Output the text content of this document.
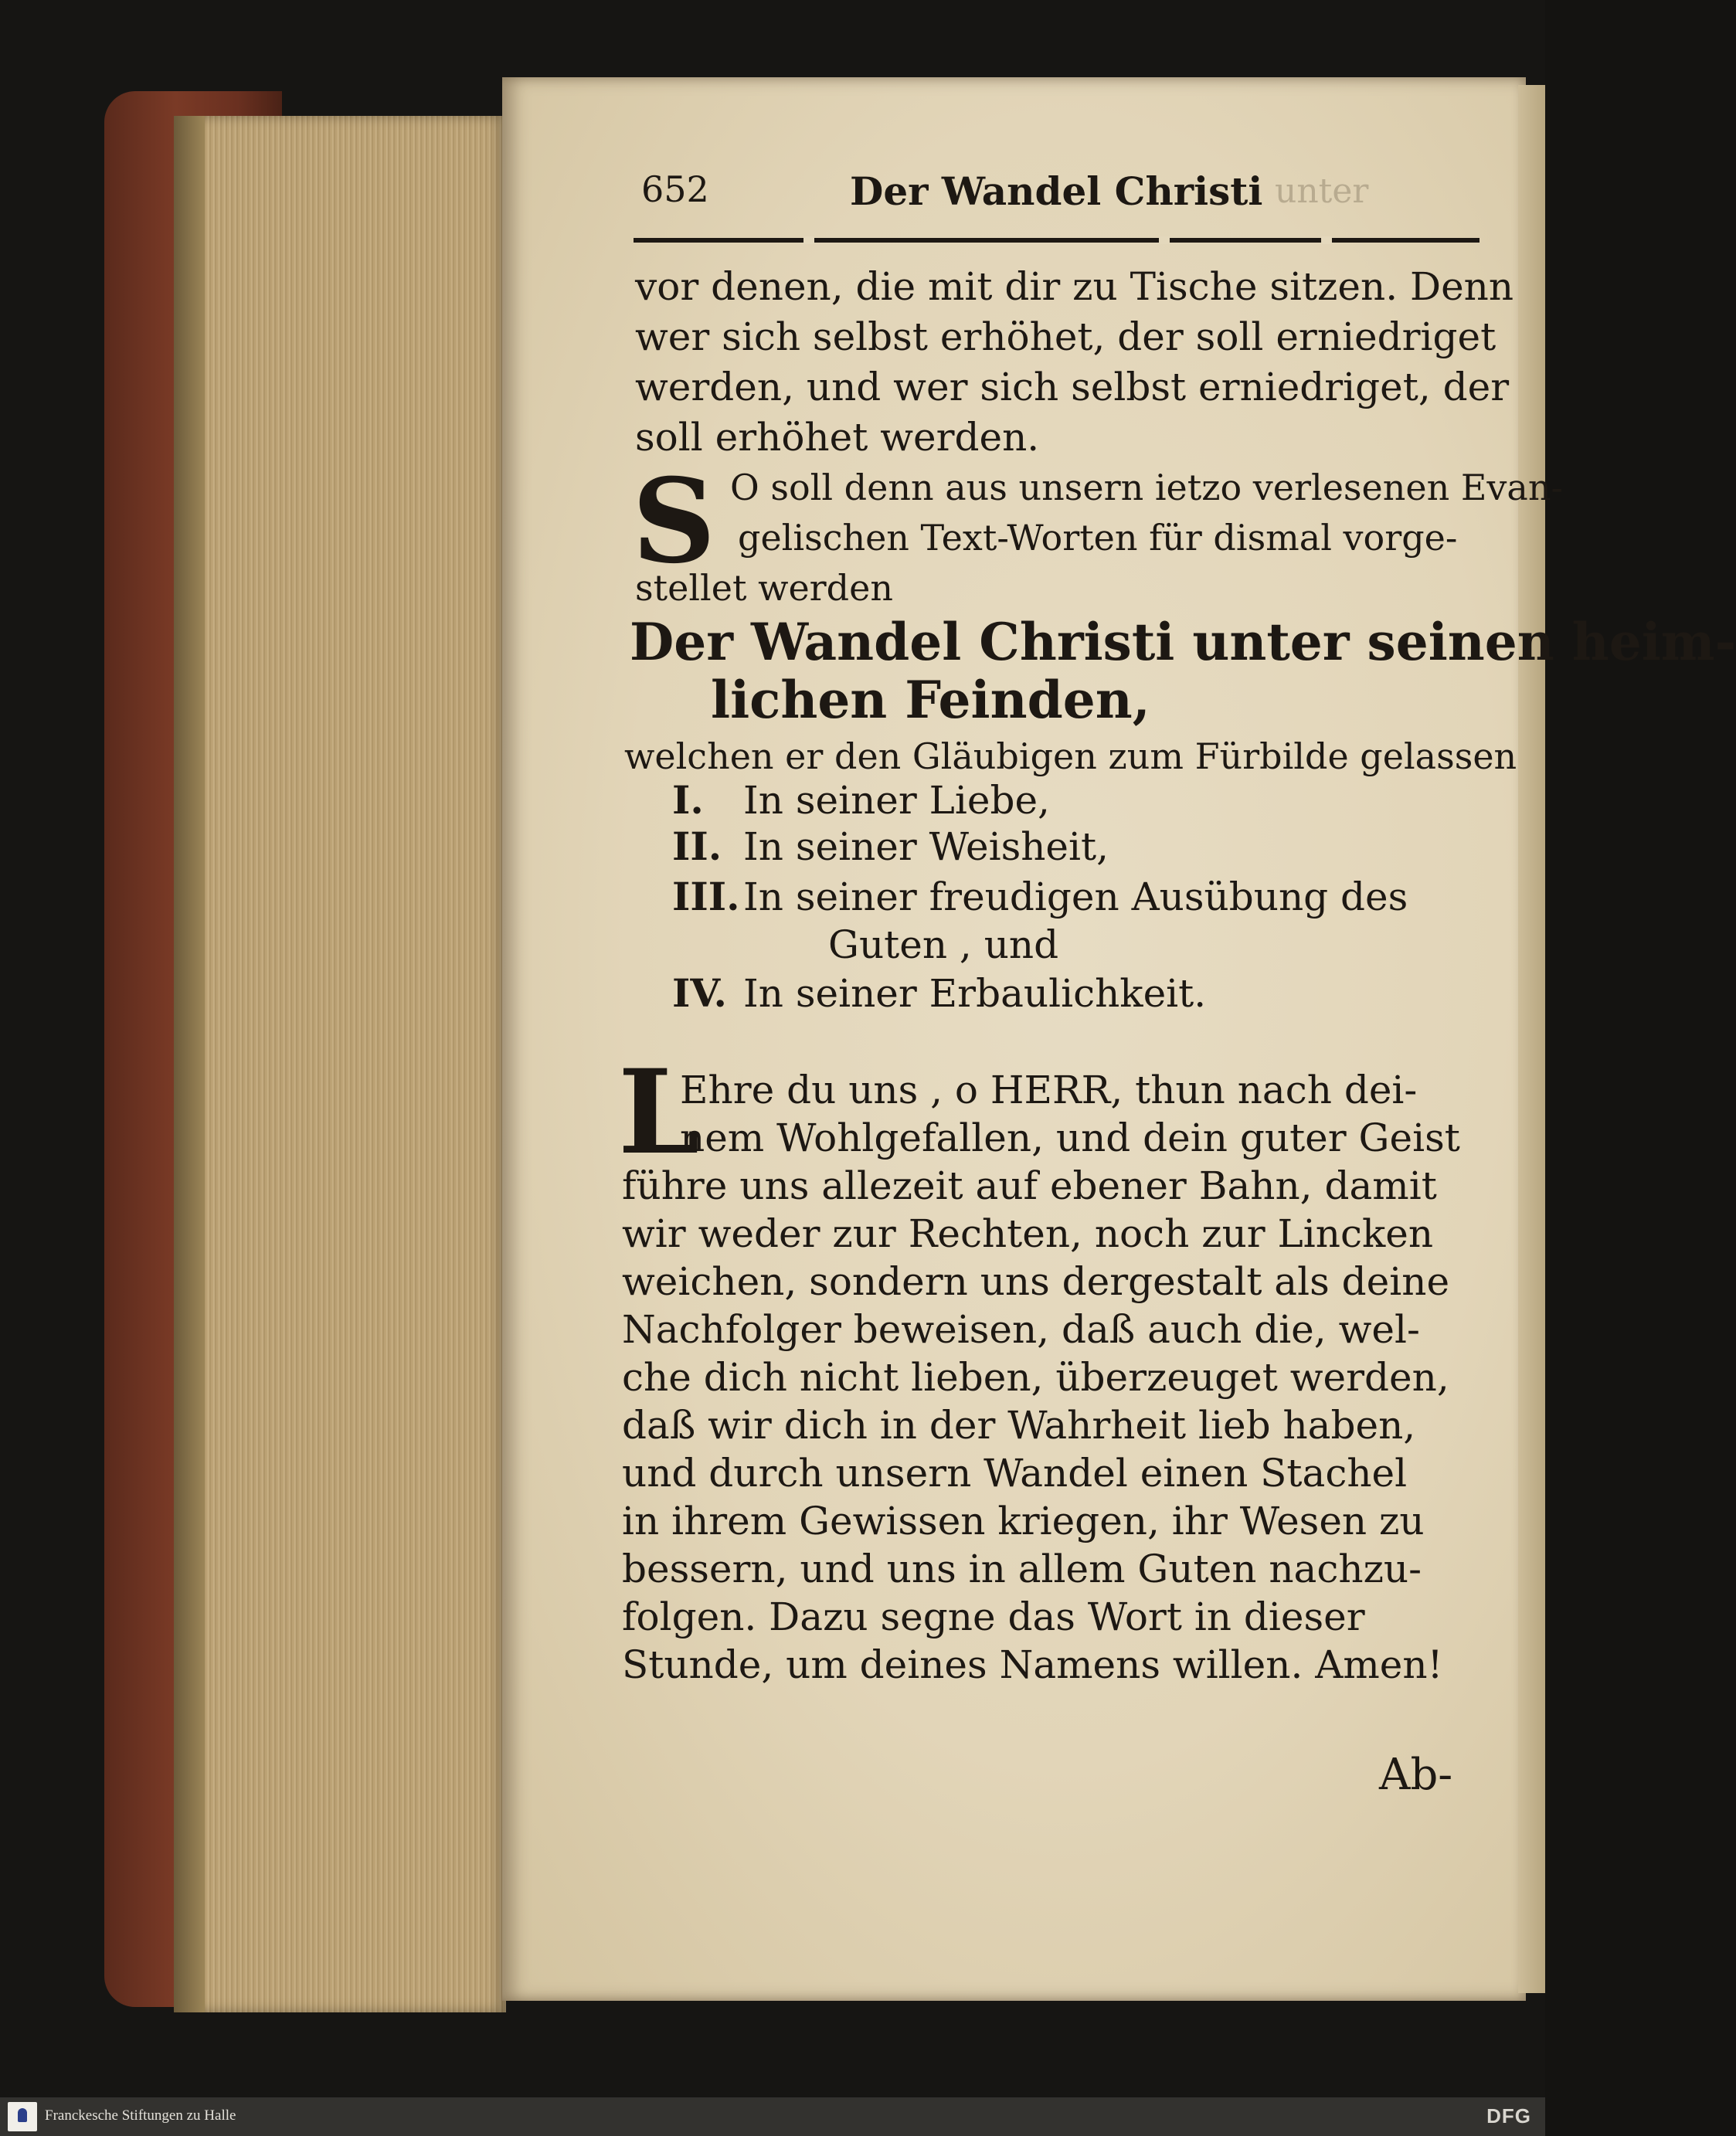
652	Der Wandel Christi unter
vor denen, die mit dir zu Tische sitzen. Denn
wer sich selbst erhöhet, der soll erniedriget
werden, und wer sich selbst erniedriget, der
soll erhöhet werden.
S O soll denn aus unsern ietzo verlesenen Evan-
gelischen Text-Worten für dismal vorge-
stellet werden
Der Wandel Christi unter seinen heim-
lichen Feinden,
welchen er den Gläubigen zum Fürbilde gelassen
I. In seiner Liebe,
II. In seiner Weisheit,
III.In seiner freudigen Ausübung des
Guten , und
IV. In seiner Erbaulichkeit.
L
Ehre du uns , o HERR, thun nach dei-
nem Wohlgefallen, und dein guter Geist
führe uns allezeit auf ebener Bahn, damit
wir weder zur Rechten, noch zur Lincken
weichen, sondern uns dergestalt als deine
Nachfolger beweisen, daß auch die, wel-
che dich nicht lieben, überzeuget werden,
daß wir dich in der Wahrheit lieb haben,
und durch unsern Wandel einen Stachel
in ihrem Gewissen kriegen, ihr Wesen zu
bessern, und uns in allem Guten nachzu-
folgen. Dazu segne das Wort in dieser
Stunde, um deines Namens willen. Amen!
Ab-
Franckesche Stiftungen zu Halle	DFG
